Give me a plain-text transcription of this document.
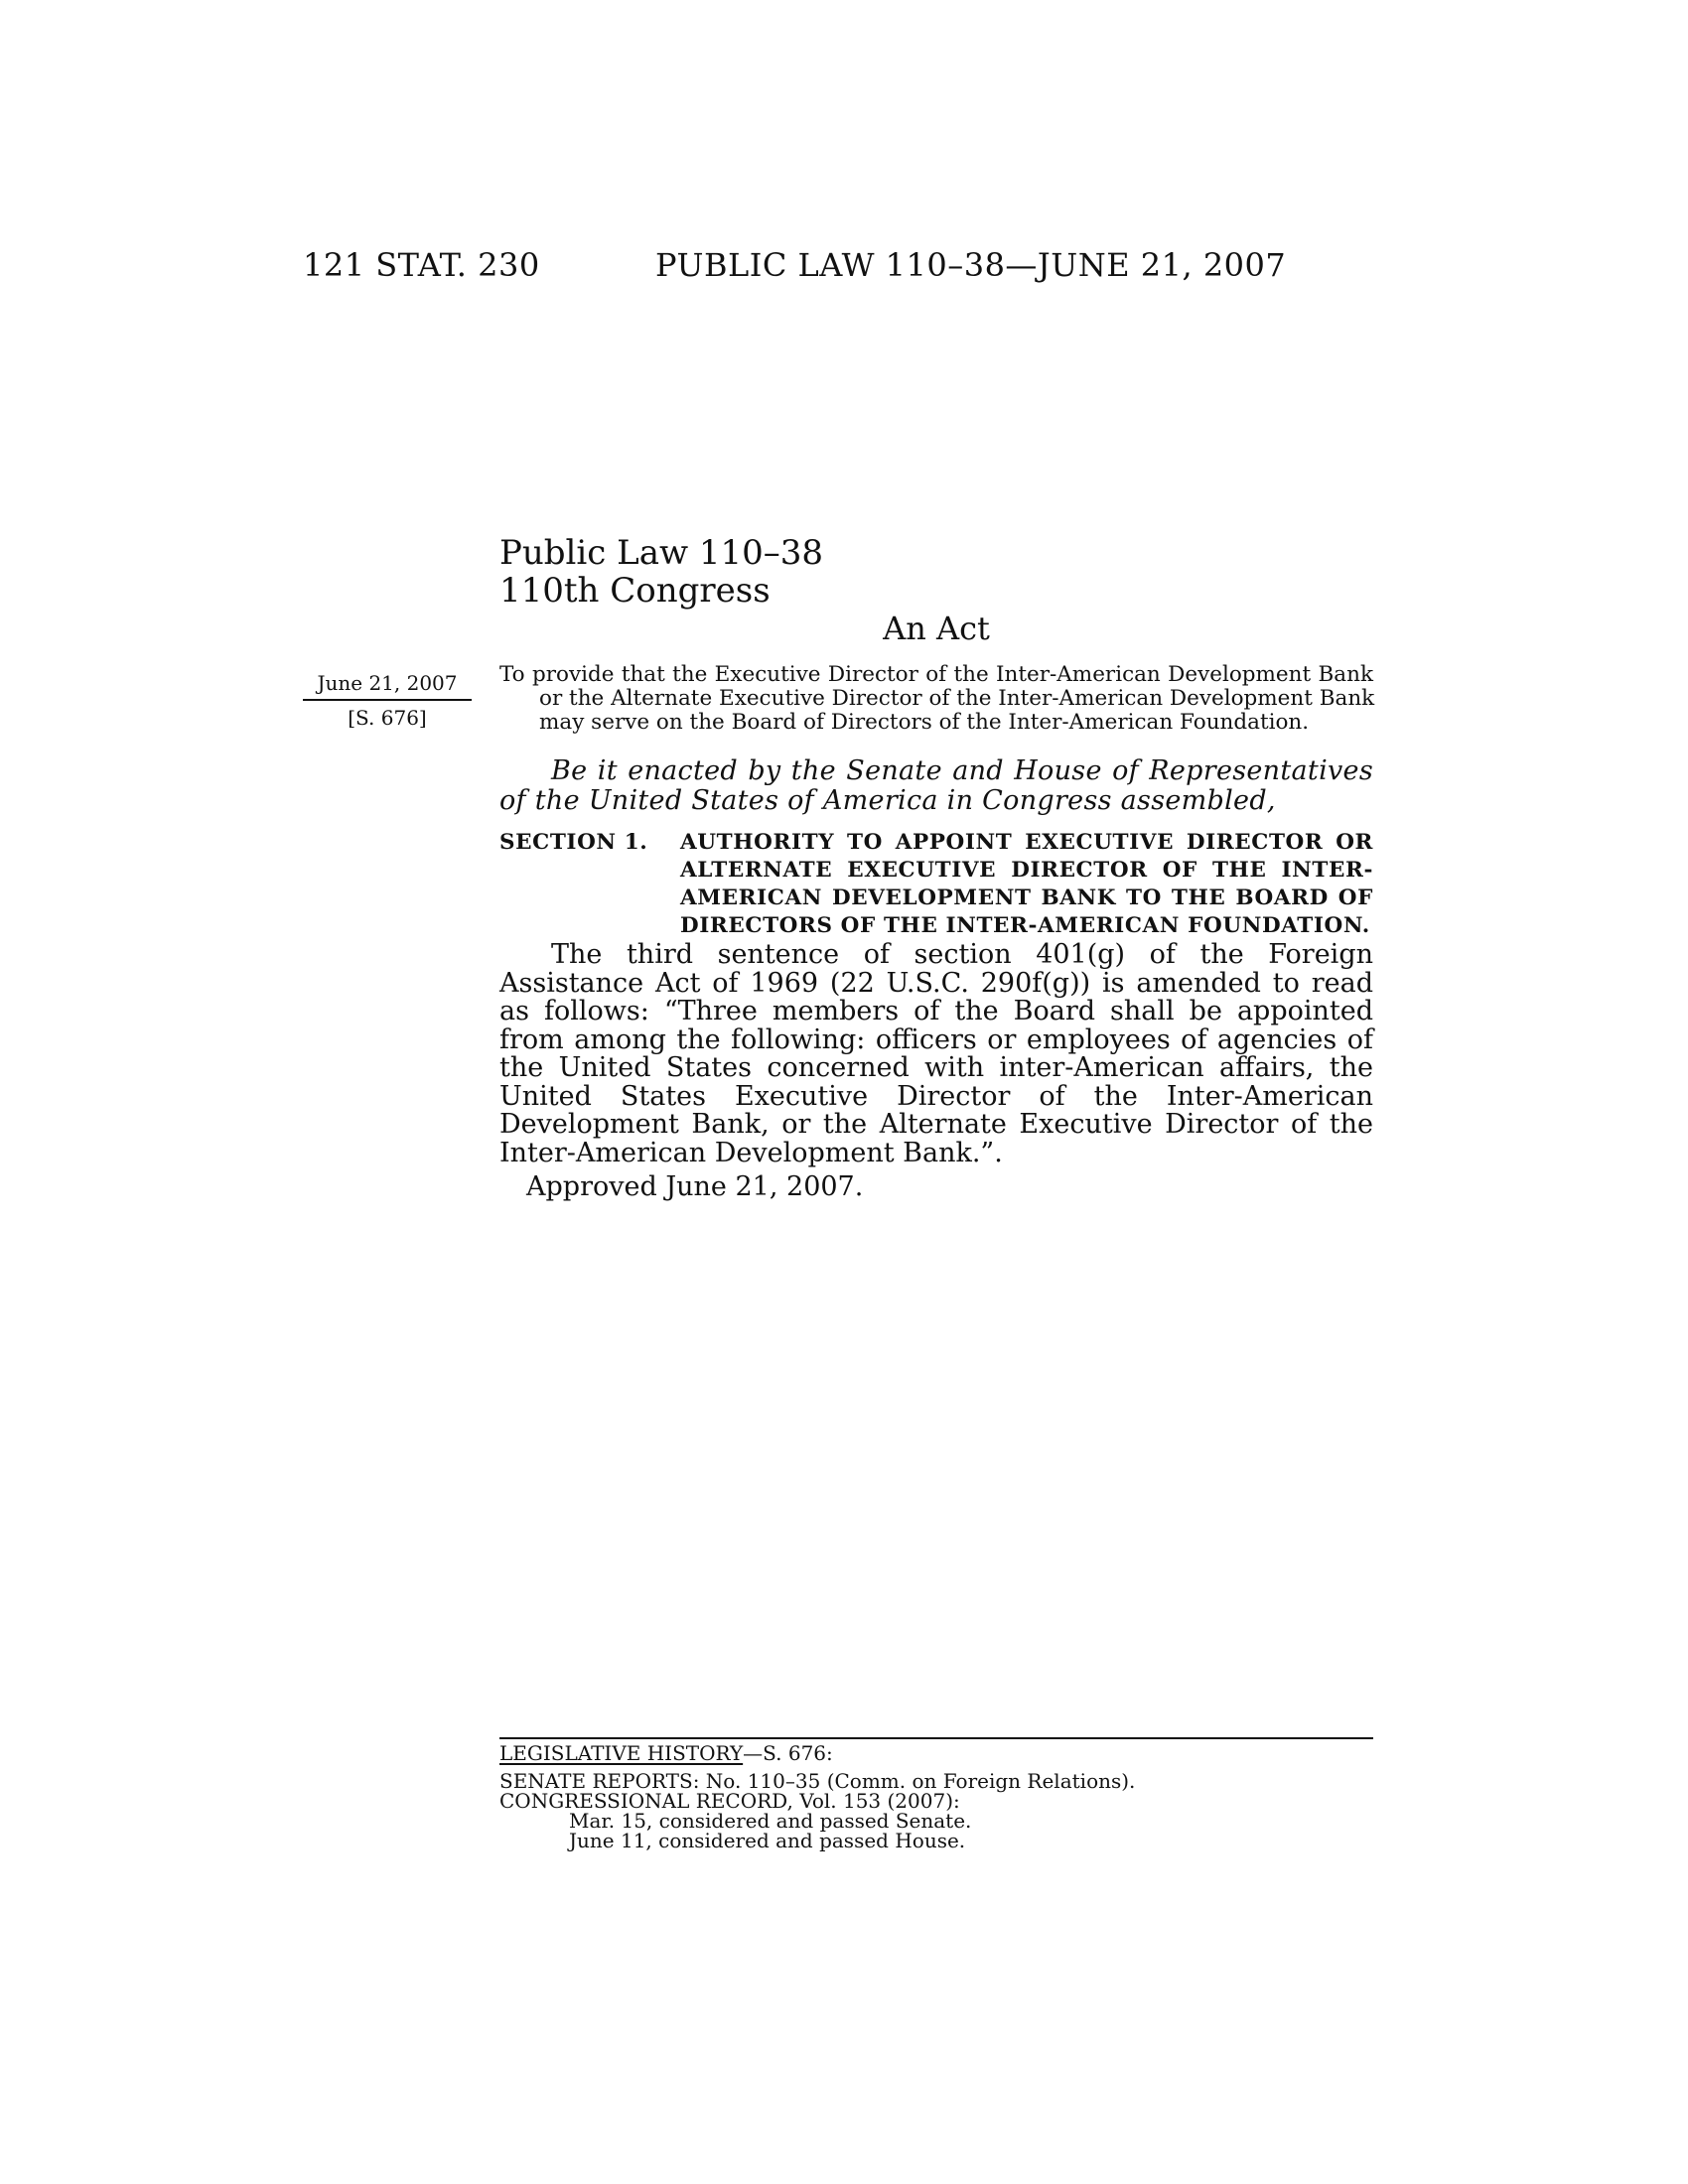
121 STAT. 230	PUBLIC LAW 110–38—JUNE 21, 2007
Public Law 110–38
110th Congress
An Act
June 21, 2007
[S. 676]
To provide that the Executive Director of the Inter-American Development Bank
or the Alternate Executive Director of the Inter-American Development Bank
may serve on the Board of Directors of the Inter-American Foundation.
Be it enacted by the Senate and House of Representatives of the United States of America in Congress assembled,
SECTION 1. AUTHORITY TO APPOINT EXECUTIVE DIRECTOR OR ALTERNATE EXECUTIVE DIRECTOR OF THE INTER-AMERICAN DEVELOPMENT BANK TO THE BOARD OF DIRECTORS OF THE INTER-AMERICAN FOUNDATION.
The third sentence of section 401(g) of the Foreign Assistance Act of 1969 (22 U.S.C. 290f(g)) is amended to read as follows: “Three members of the Board shall be appointed from among the following: officers or employees of agencies of the United States concerned with inter-American affairs, the United States Executive Director of the Inter-American Development Bank, or the Alternate Executive Director of the Inter-American Development Bank.”.
Approved June 21, 2007.
LEGISLATIVE HISTORY—S. 676:
SENATE REPORTS: No. 110–35 (Comm. on Foreign Relations).
CONGRESSIONAL RECORD, Vol. 153 (2007):
Mar. 15, considered and passed Senate.
June 11, considered and passed House.
